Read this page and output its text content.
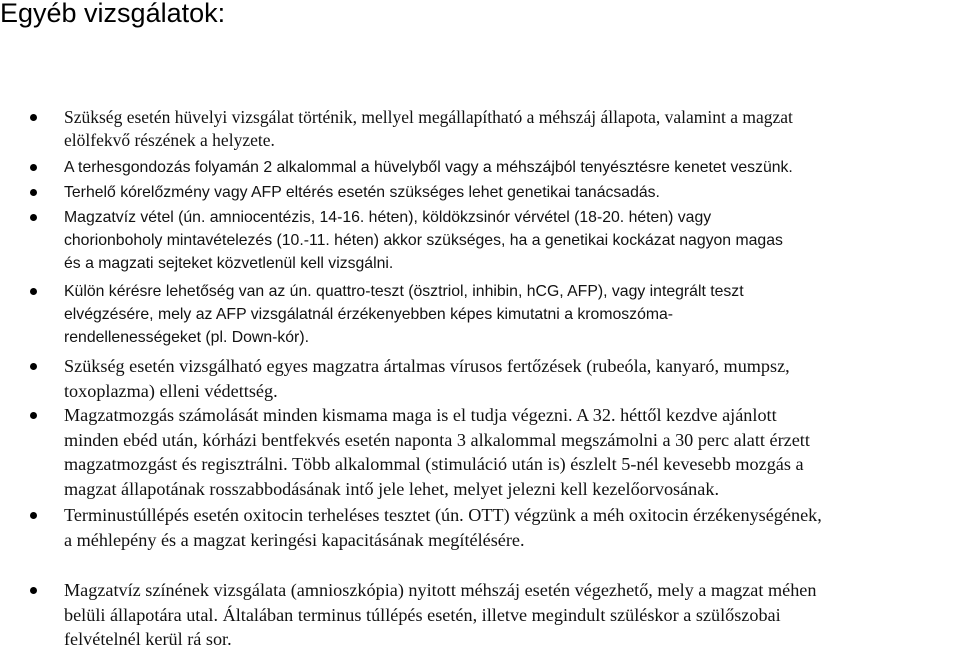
Egyéb vizsgálatok:
Szükség esetén hüvelyi vizsgálat történik, mellyel megállapítható a méhszáj állapota, valamint a magzat
elölfekvő részének a helyzete.
A terhesgondozás folyamán 2 alkalommal a hüvelyből vagy a méhszájból tenyésztésre kenetet veszünk.
Terhelő kórelőzmény vagy AFP eltérés esetén szükséges lehet genetikai tanácsadás.
Magzatvíz vétel (ún. amniocentézis, 14-16. héten), köldökzsinór vérvétel (18-20. héten) vagy
chorionboholy mintavételezés (10.-11. héten) akkor szükséges, ha a genetikai kockázat nagyon magas
és a magzati sejteket közvetlenül kell vizsgálni.
Külön kérésre lehetőség van az ún. quattro-teszt (ösztriol, inhibin, hCG, AFP), vagy integrált teszt
elvégzésére, mely az AFP vizsgálatnál érzékenyebben képes kimutatni a kromoszóma-
rendellenességeket (pl. Down-kór).
Szükség esetén vizsgálható egyes magzatra ártalmas vírusos fertőzések (rubeóla, kanyaró, mumpsz,
toxoplazma) elleni védettség.
Magzatmozgás számolását minden kismama maga is el tudja végezni. A 32. héttől kezdve ajánlott
minden ebéd után, kórházi bentfekvés esetén naponta 3 alkalommal megszámolni a 30 perc alatt érzett
magzatmozgást és regisztrálni. Több alkalommal (stimuláció után is) észlelt 5-nél kevesebb mozgás a
magzat állapotának rosszabbodásának intő jele lehet, melyet jelezni kell kezelőorvosának.
Terminustúllépés esetén oxitocin terheléses tesztet (ún. OTT) végzünk a méh oxitocin érzékenységének,
a méhlepény és a magzat keringési kapacitásának megítélésére.
Magzatvíz színének vizsgálata (amnioszkópia) nyitott méhszáj esetén végezhető, mely a magzat méhen
belüli állapotára utal. Általában terminus túllépés esetén, illetve megindult szüléskor a szülőszobai
felvételnél kerül rá sor.
